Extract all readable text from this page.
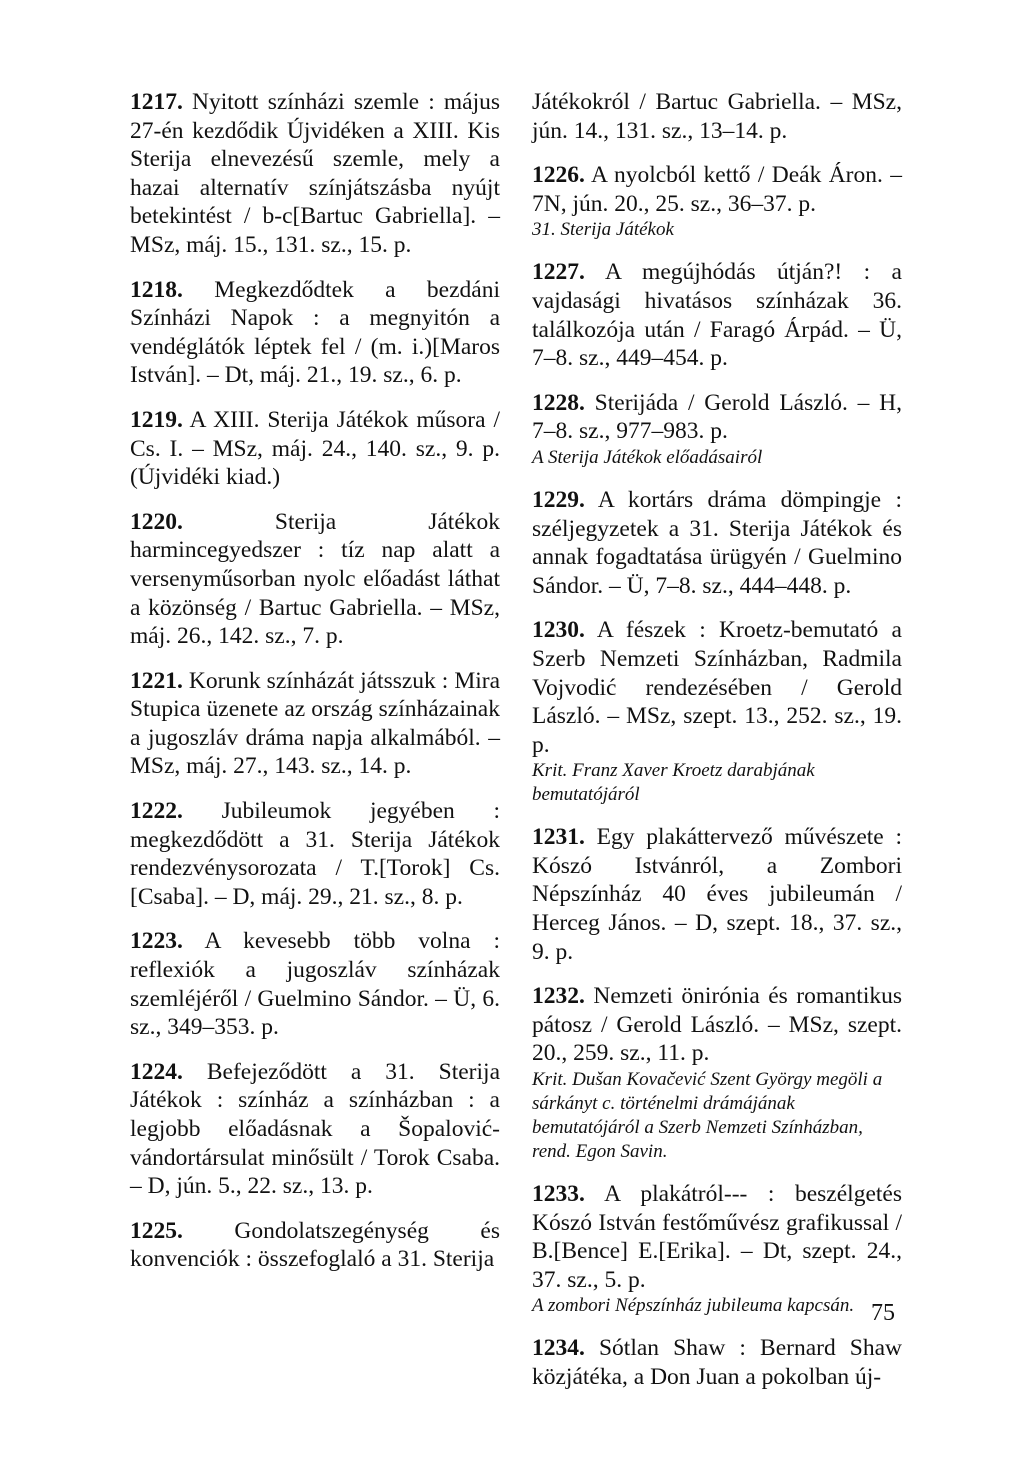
1217. Nyitott színházi szemle : május 27-én kezdődik Újvidéken a XIII. Kis Sterija elnevezésű szemle, mely a hazai alternatív színjátszásba nyújt betekintést / b-c[Bartuc Gabriella]. – MSz, máj. 15., 131. sz., 15. p.
1218. Megkezdődtek a bezdáni Színházi Napok : a megnyitón a vendéglátók léptek fel / (m. i.)[Maros István]. – Dt, máj. 21., 19. sz., 6. p.
1219. A XIII. Sterija Játékok műsora / Cs. I. – MSz, máj. 24., 140. sz., 9. p. (Újvidéki kiad.)
1220.	Sterija Játékok harmincegyedszer : tíz nap alatt a versenyműsorban nyolc előadást láthat a közönség / Bartuc Gabriella. – MSz, máj. 26., 142. sz., 7. p.
1221. Korunk színházát játsszuk : Mira Stupica üzenete az ország színházainak a jugoszláv dráma napja alkalmából. – MSz, máj. 27., 143. sz., 14. p.
1222. Jubileumok jegyében : megkezdődött a 31. Sterija Játékok rendezvénysorozata / T.[Torok] Cs.[Csaba]. – D, máj. 29., 21. sz., 8. p.
1223. A kevesebb több volna : reflexiók a jugoszláv színházak szemléjéről / Guelmino Sándor. – Ü, 6. sz., 349–353. p.
1224. Befejeződött a 31. Sterija Játékok : színház a színházban : a legjobb előadásnak a Šopalović-vándortársulat minősült / Torok Csaba. – D, jún. 5., 22. sz., 13. p.
1225. Gondolatszegénység és konvenciók : összefoglaló a 31. Sterija
Játékokról / Bartuc Gabriella. – MSz, jún. 14., 131. sz., 13–14. p.
1226. A nyolcból kettő / Deák Áron. – 7N, jún. 20., 25. sz., 36–37. p.
31. Sterija Játékok
1227. A megújhódás útján?! : a vajdasági hivatásos színházak 36. találkozója után / Faragó Árpád. – Ü, 7–8. sz., 449–454. p.
1228. Sterijáda / Gerold László. – H, 7–8. sz., 977–983. p.
A Sterija Játékok előadásairól
1229. A kortárs dráma dömpingje : széljegyzetek a 31. Sterija Játékok és annak fogadtatása ürügyén / Guelmino Sándor. – Ü, 7–8. sz., 444–448. p.
1230. A fészek : Kroetz-bemutató a Szerb Nemzeti Színházban, Radmila Vojvodić rendezésében / Gerold László. – MSz, szept. 13., 252. sz., 19. p.
Krit. Franz Xaver Kroetz darabjának bemutatójáról
1231. Egy plakáttervező művészete : Kószó Istvánról, a Zombori Népszínház 40 éves jubileumán / Herceg János. – D, szept. 18., 37. sz., 9. p.
1232. Nemzeti önirónia és romantikus pátosz / Gerold László. – MSz, szept. 20., 259. sz., 11. p.
Krit. Dušan Kovačević Szent György megöli a sárkányt c. történelmi drámájának bemutatójáról a Szerb Nemzeti Színházban, rend. Egon Savin.
1233. A plakátról--- : beszélgetés Kószó István festőművész grafikussal / B.[Bence] E.[Erika]. – Dt, szept. 24., 37. sz., 5. p.
A zombori Népszínház jubileuma kapcsán.
1234. Sótlan Shaw : Bernard Shaw közjátéka, a Don Juan a pokolban új-
75
